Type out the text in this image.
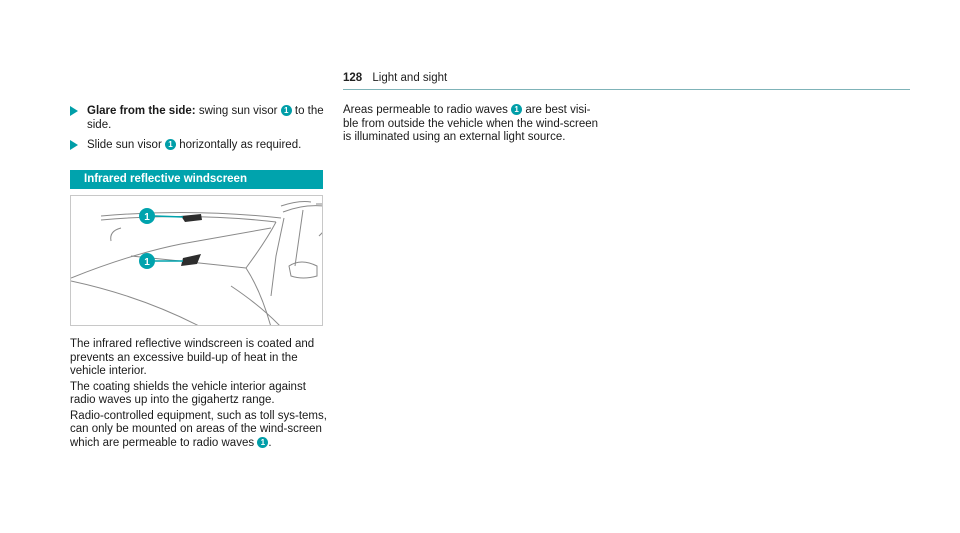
128 Light and sight
Glare from the side: swing sun visor 1 to the side.
Slide sun visor 1 horizontally as required.
Infrared reflective windscreen
1
1

The infrared reflective windscreen is coated and prevents an excessive build-up of heat in the vehicle interior.

The coating shields the vehicle interior against radio waves up into the gigahertz range.

Radio-controlled equipment, such as toll sys-tems, can only be mounted on areas of the wind-screen which are permeable to radio waves 1 .

Areas permeable to radio waves 1 are best visi-ble from outside the vehicle when the wind-screen is illuminated using an external light source.
